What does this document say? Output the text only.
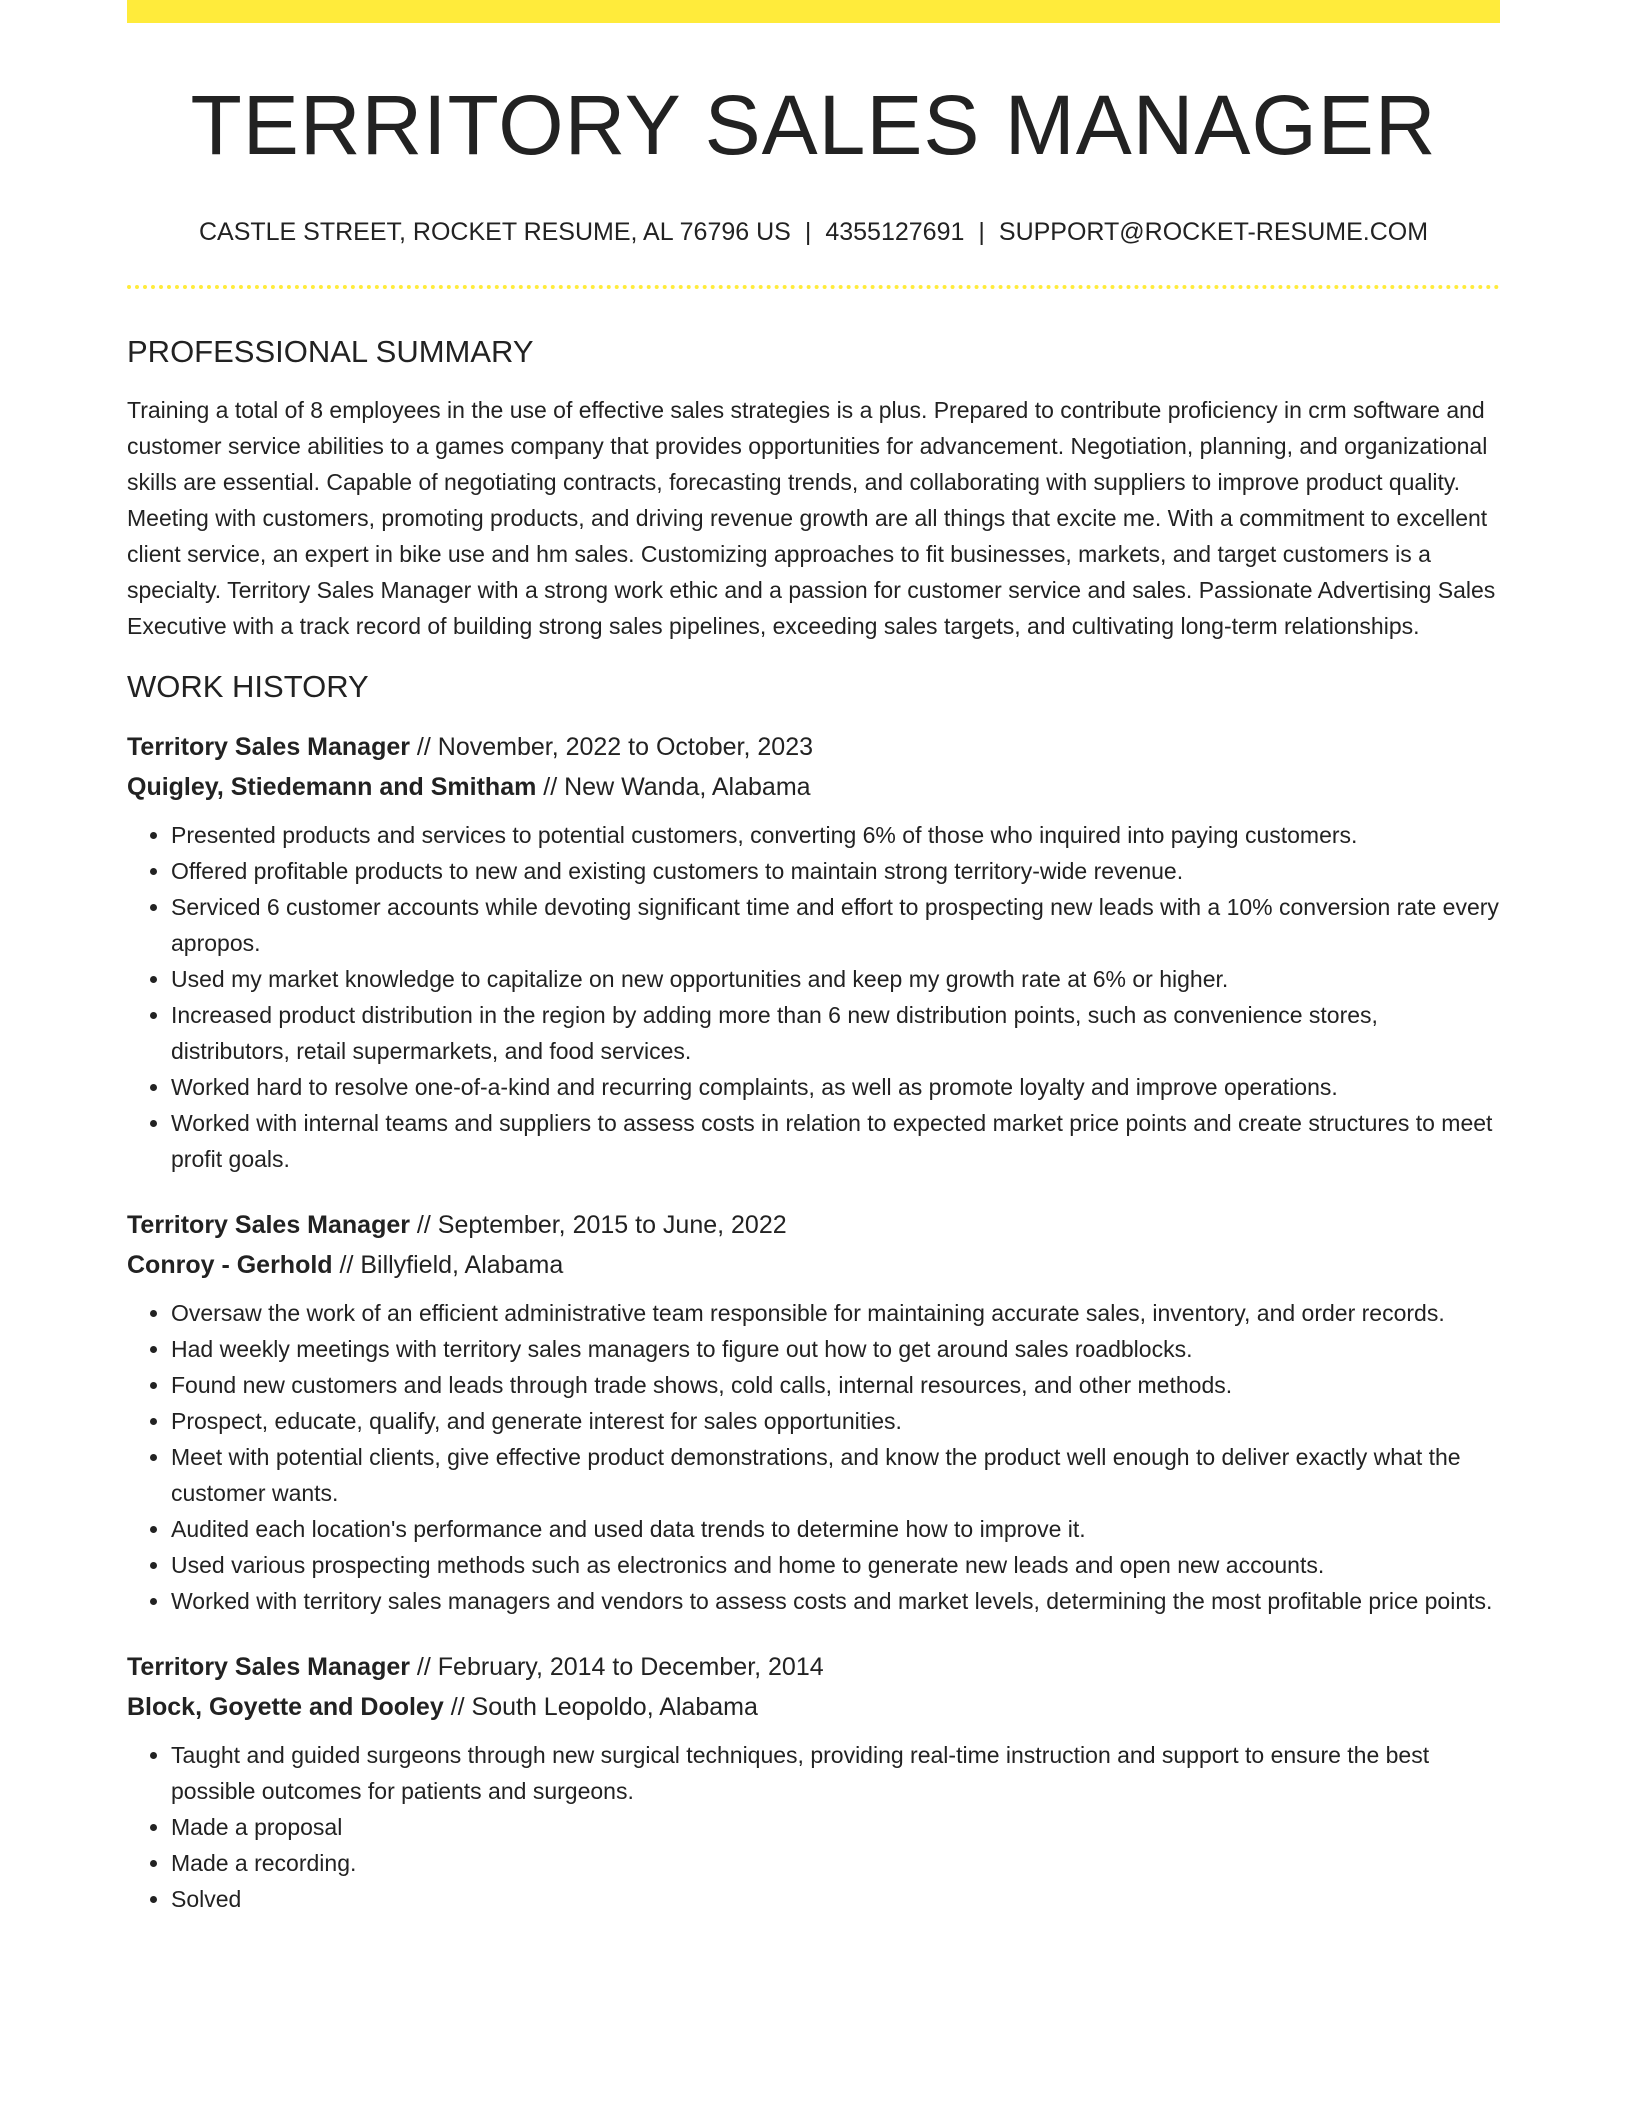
TERRITORY SALES MANAGER
CASTLE STREET, ROCKET RESUME, AL 76796 US | 4355127691 | SUPPORT@ROCKET-RESUME.COM
PROFESSIONAL SUMMARY

Training a total of 8 employees in the use of effective sales strategies is a plus. Prepared to contribute proficiency in crm software and customer service abilities to a games company that provides opportunities for advancement. Negotiation, planning, and organizational skills are essential. Capable of negotiating contracts, forecasting trends, and collaborating with suppliers to improve product quality. Meeting with customers, promoting products, and driving revenue growth are all things that excite me. With a commitment to excellent client service, an expert in bike use and hm sales. Customizing approaches to fit businesses, markets, and target customers is a specialty. Territory Sales Manager with a strong work ethic and a passion for customer service and sales. Passionate Advertising Sales Executive with a track record of building strong sales pipelines, exceeding sales targets, and cultivating long-term relationships.

WORK HISTORY
Territory Sales Manager // November, 2022 to October, 2023
Quigley, Stiedemann and Smitham // New Wanda, Alabama
• Presented products and services to potential customers, converting 6% of those who inquired into paying customers.
• Offered profitable products to new and existing customers to maintain strong territory-wide revenue.
• Serviced 6 customer accounts while devoting significant time and effort to prospecting new leads with a 10% conversion rate every apropos.
• Used my market knowledge to capitalize on new opportunities and keep my growth rate at 6% or higher.
• Increased product distribution in the region by adding more than 6 new distribution points, such as convenience stores, distributors, retail supermarkets, and food services.
• Worked hard to resolve one-of-a-kind and recurring complaints, as well as promote loyalty and improve operations.
• Worked with internal teams and suppliers to assess costs in relation to expected market price points and create structures to meet profit goals.
Territory Sales Manager // September, 2015 to June, 2022
Conroy - Gerhold // Billyfield, Alabama
• Oversaw the work of an efficient administrative team responsible for maintaining accurate sales, inventory, and order records.
• Had weekly meetings with territory sales managers to figure out how to get around sales roadblocks.
• Found new customers and leads through trade shows, cold calls, internal resources, and other methods.
• Prospect, educate, qualify, and generate interest for sales opportunities.
• Meet with potential clients, give effective product demonstrations, and know the product well enough to deliver exactly what the customer wants.
• Audited each location's performance and used data trends to determine how to improve it.
• Used various prospecting methods such as electronics and home to generate new leads and open new accounts.
• Worked with territory sales managers and vendors to assess costs and market levels, determining the most profitable price points.
Territory Sales Manager // February, 2014 to December, 2014
Block, Goyette and Dooley // South Leopoldo, Alabama
• Taught and guided surgeons through new surgical techniques, providing real-time instruction and support to ensure the best possible outcomes for patients and surgeons.
• Made a proposal
• Made a recording.
• Solved
